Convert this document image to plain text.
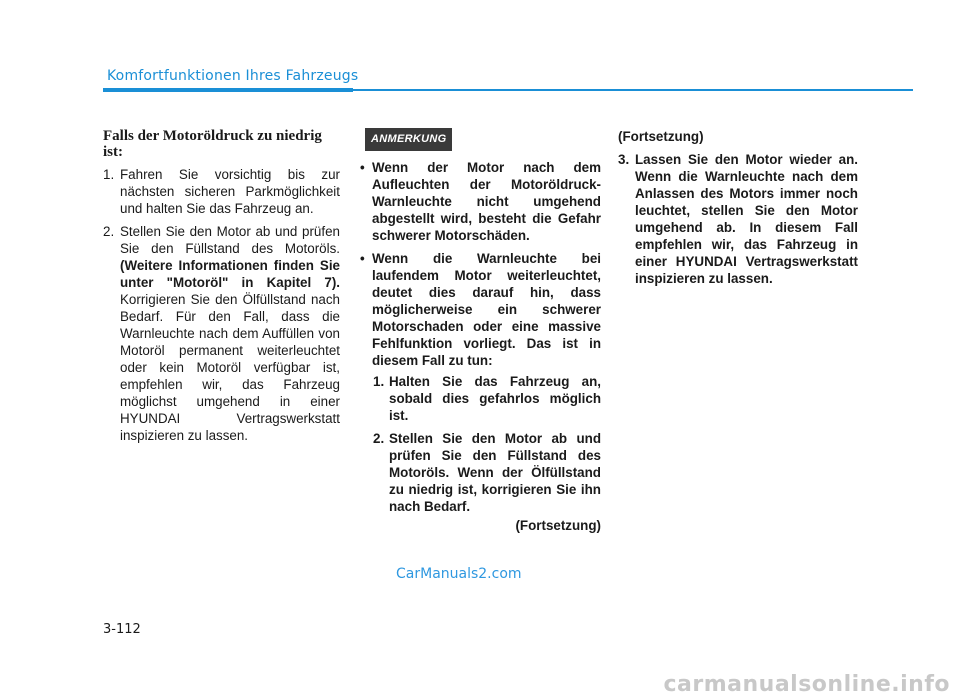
Komfortfunktionen Ihres Fahrzeugs
Falls der Motoröldruck zu niedrig ist:
1. Fahren Sie vorsichtig bis zur nächsten sicheren Parkmöglichkeit und halten Sie das Fahrzeug an.
2. Stellen Sie den Motor ab und prüfen Sie den Füllstand des Motoröls. (Weitere Informationen finden Sie unter "Motoröl" in Kapitel 7). Korrigieren Sie den Ölfüllstand nach Bedarf. Für den Fall, dass die Warnleuchte nach dem Auffüllen von Motoröl permanent weiterleuchtet oder kein Motoröl verfügbar ist, empfehlen wir, das Fahrzeug möglichst umgehend in einer HYUNDAI Vertragswerkstatt inspizieren zu lassen.
ANMERKUNG
• Wenn der Motor nach dem Aufleuchten der Motoröldruck-Warnleuchte nicht umgehend abgestellt wird, besteht die Gefahr schwerer Motorschäden.
• Wenn die Warnleuchte bei laufendem Motor weiterleuchtet, deutet dies darauf hin, dass möglicherweise ein schwerer Motorschaden oder eine massive Fehlfunktion vorliegt. Das ist in diesem Fall zu tun:
1. Halten Sie das Fahrzeug an, sobald dies gefahrlos möglich ist.
2. Stellen Sie den Motor ab und prüfen Sie den Füllstand des Motoröls. Wenn der Ölfüllstand zu niedrig ist, korrigieren Sie ihn nach Bedarf.
(Fortsetzung)
(Fortsetzung)
3. Lassen Sie den Motor wieder an. Wenn die Warnleuchte nach dem Anlassen des Motors immer noch leuchtet, stellen Sie den Motor umgehend ab. In diesem Fall empfehlen wir, das Fahrzeug in einer HYUNDAI Vertragswerkstatt inspizieren zu lassen.
CarManuals2.com
3-112
carmanualsonline.info
